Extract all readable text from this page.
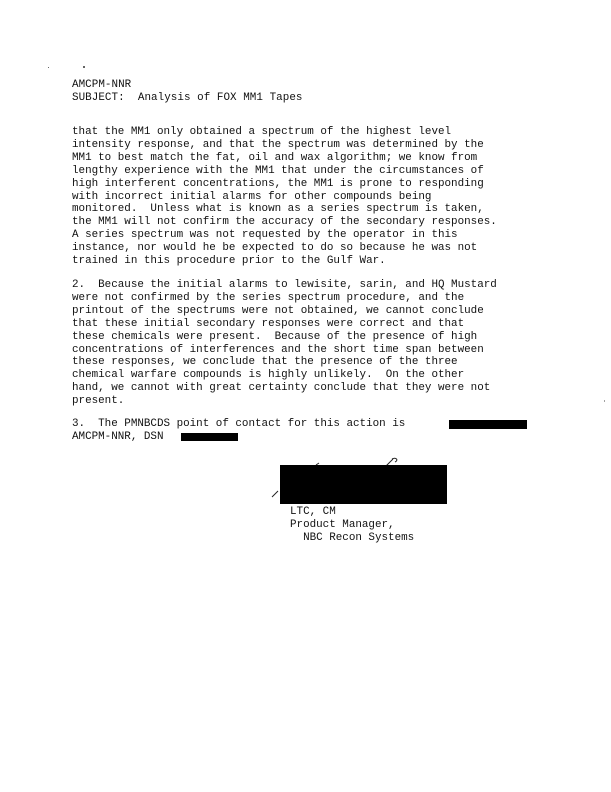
AMCPM-NNR
SUBJECT: Analysis of FOX MM1 Tapes
that the MM1 only obtained a spectrum of the highest level
intensity response, and that the spectrum was determined by the
MM1 to best match the fat, oil and wax algorithm; we know from
lengthy experience with the MM1 that under the circumstances of
high interferent concentrations, the MM1 is prone to responding
with incorrect initial alarms for other compounds being
monitored.  Unless what is known as a series spectrum is taken,
the MM1 will not confirm the accuracy of the secondary responses.
A series spectrum was not requested by the operator in this
instance, nor would he be expected to do so because he was not
trained in this procedure prior to the Gulf War.
2.  Because the initial alarms to lewisite, sarin, and HQ Mustard
were not confirmed by the series spectrum procedure, and the
printout of the spectrums were not obtained, we cannot conclude
that these initial secondary responses were correct and that
these chemicals were present.  Because of the presence of high
concentrations of interferences and the short time span between
these responses, we conclude that the presence of the three
chemical warfare compounds is highly unlikely.  On the other
hand, we cannot with great certainty conclude that they were not
present.
3.  The PMNBCDS point of contact for this action is
AMCPM-NNR, DSN
LTC, CM
Product Manager,
NBC Recon Systems
